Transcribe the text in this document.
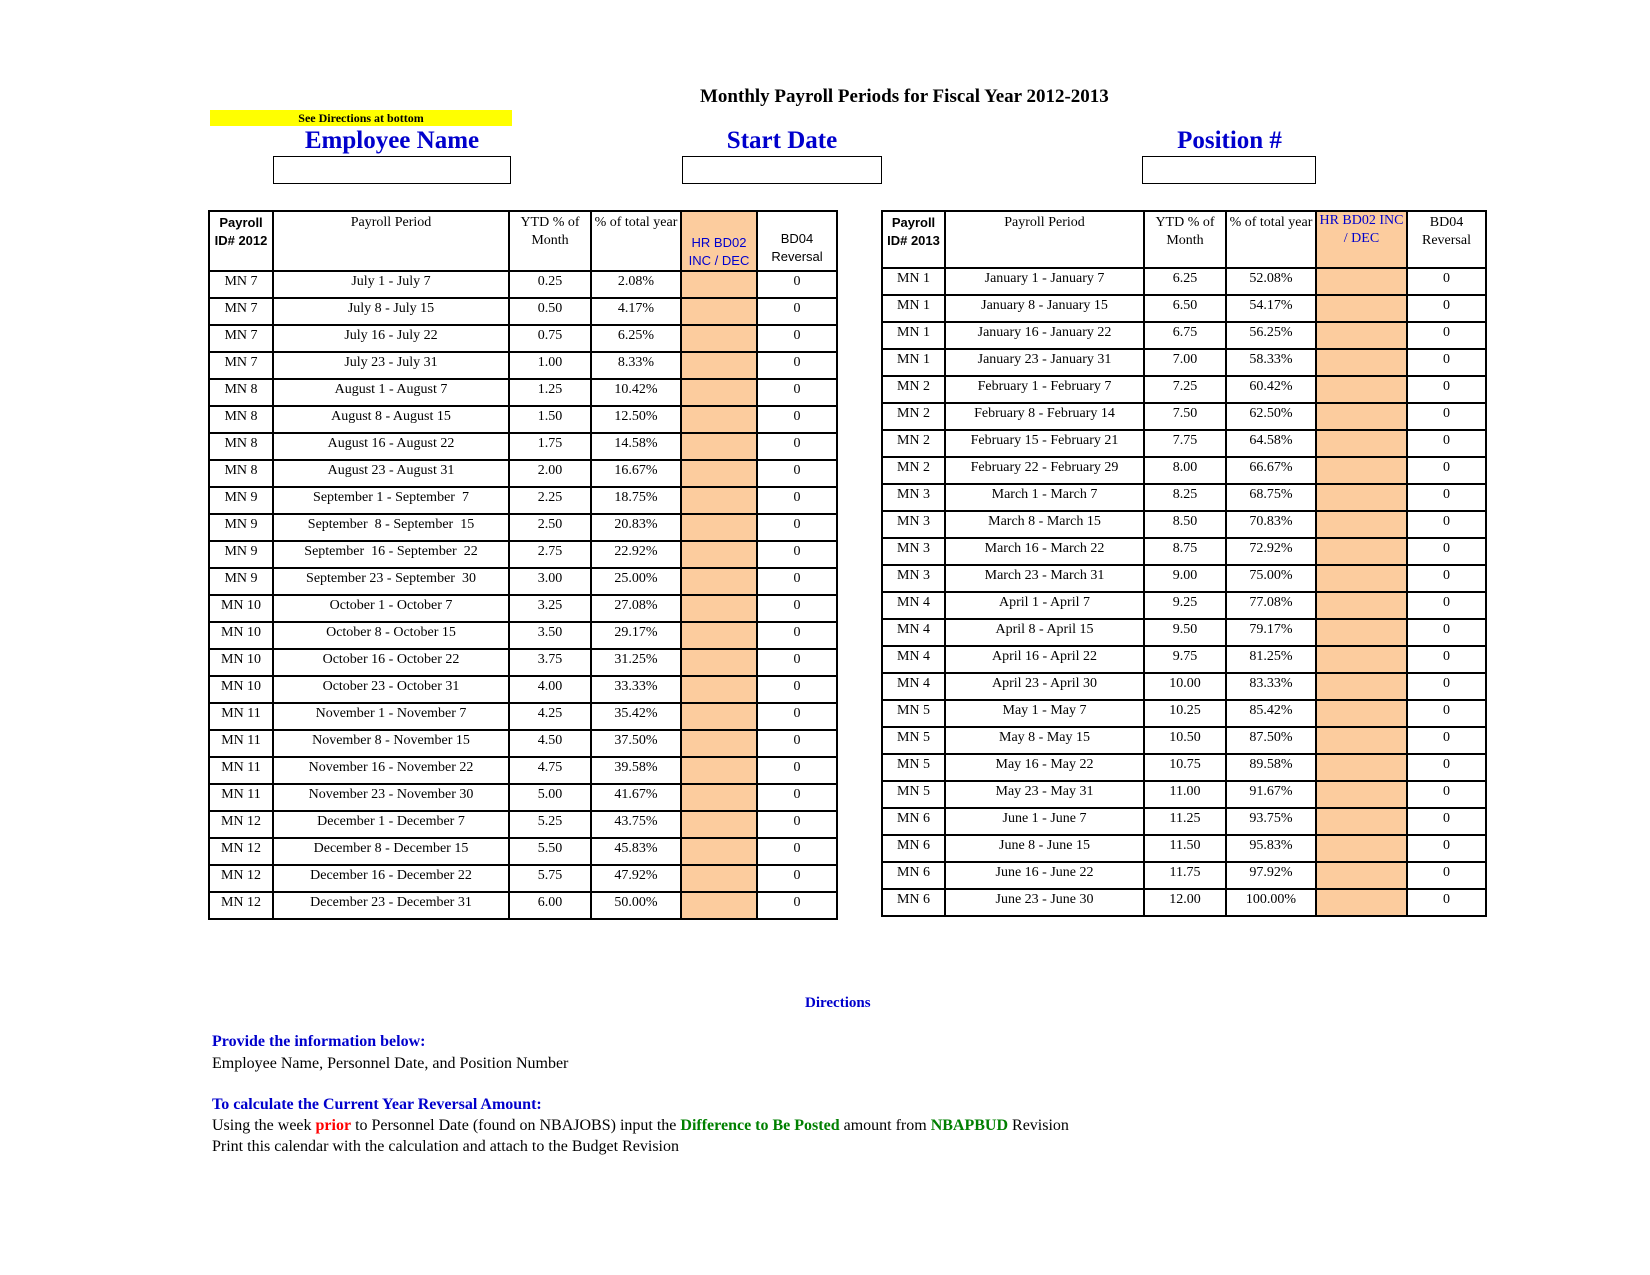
Monthly Payroll Periods for Fiscal Year 2012-2013
See Directions at bottom
Employee Name	Start Date	Position #
Payroll ID# 2012	Payroll Period	YTD % of Month	% of total year	HR BD02 INC / DEC	BD04 Reversal
MN 7	July 1 - July 7	0.25	2.08%		0
MN 7	July 8 - July 15	0.50	4.17%		0
MN 7	July 16 - July 22	0.75	6.25%		0
MN 7	July 23 - July 31	1.00	8.33%		0
MN 8	August 1 - August 7	1.25	10.42%		0
MN 8	August 8 - August 15	1.50	12.50%		0
MN 8	August 16 - August 22	1.75	14.58%		0
MN 8	August 23 - August 31	2.00	16.67%		0
MN 9	September 1 - September  7	2.25	18.75%		0
MN 9	September  8 - September  15	2.50	20.83%		0
MN 9	September  16 - September  22	2.75	22.92%		0
MN 9	September 23 - September  30	3.00	25.00%		0
MN 10	October 1 - October 7	3.25	27.08%		0
MN 10	October 8 - October 15	3.50	29.17%		0
MN 10	October 16 - October 22	3.75	31.25%		0
MN 10	October 23 - October 31	4.00	33.33%		0
MN 11	November 1 - November 7	4.25	35.42%		0
MN 11	November 8 - November 15	4.50	37.50%		0
MN 11	November 16 - November 22	4.75	39.58%		0
MN 11	November 23 - November 30	5.00	41.67%		0
MN 12	December 1 - December 7	5.25	43.75%		0
MN 12	December 8 - December 15	5.50	45.83%		0
MN 12	December 16 - December 22	5.75	47.92%		0
MN 12	December 23 - December 31	6.00	50.00%		0
Payroll ID# 2013	Payroll Period	YTD % of Month	% of total year	HR BD02 INC / DEC	BD04 Reversal
MN 1	January 1 - January 7	6.25	52.08%		0
MN 1	January 8 - January 15	6.50	54.17%		0
MN 1	January 16 - January 22	6.75	56.25%		0
MN 1	January 23 - January 31	7.00	58.33%		0
MN 2	February 1 - February 7	7.25	60.42%		0
MN 2	February 8 - February 14	7.50	62.50%		0
MN 2	February 15 - February 21	7.75	64.58%		0
MN 2	February 22 - February 29	8.00	66.67%		0
MN 3	March 1 - March 7	8.25	68.75%		0
MN 3	March 8 - March 15	8.50	70.83%		0
MN 3	March 16 - March 22	8.75	72.92%		0
MN 3	March 23 - March 31	9.00	75.00%		0
MN 4	April 1 - April 7	9.25	77.08%		0
MN 4	April 8 - April 15	9.50	79.17%		0
MN 4	April 16 - April 22	9.75	81.25%		0
MN 4	April 23 - April 30	10.00	83.33%		0
MN 5	May 1 - May 7	10.25	85.42%		0
MN 5	May 8 - May 15	10.50	87.50%		0
MN 5	May 16 - May 22	10.75	89.58%		0
MN 5	May 23 - May 31	11.00	91.67%		0
MN 6	June 1 - June 7	11.25	93.75%		0
MN 6	June 8 - June 15	11.50	95.83%		0
MN 6	June 16 - June 22	11.75	97.92%		0
MN 6	June 23 - June 30	12.00	100.00%		0
Directions
Provide the information below:
Employee Name, Personnel Date, and Position Number
To calculate the Current Year Reversal Amount:
Using the week prior to Personnel Date (found on NBAJOBS) input the Difference to Be Posted amount from NBAPBUD Revision
Print this calendar with the calculation and attach to the Budget Revision
